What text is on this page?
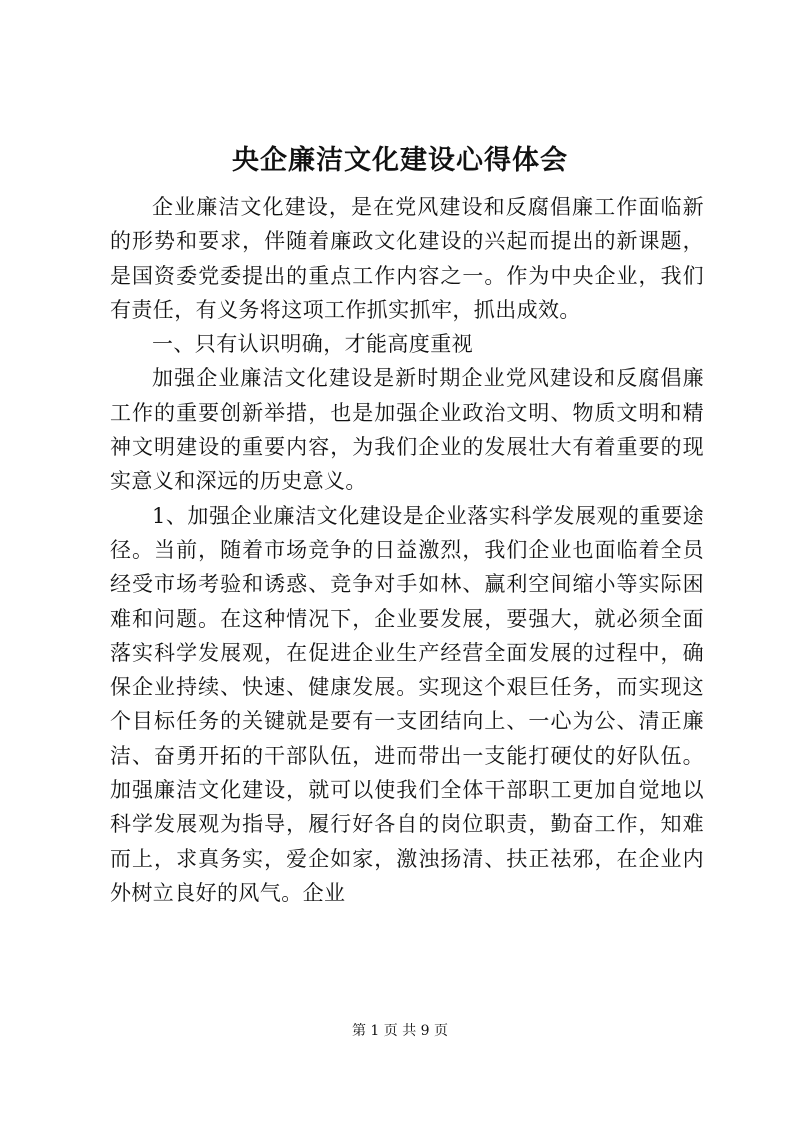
央企廉洁文化建设心得体会

企业廉洁文化建设，是在党风建设和反腐倡廉工作面临新的形势和要求，伴随着廉政文化建设的兴起而提出的新课题，是国资委党委提出的重点工作内容之一。作为中央企业，我们有责任，有义务将这项工作抓实抓牢，抓出成效。

一、只有认识明确，才能高度重视

加强企业廉洁文化建设是新时期企业党风建设和反腐倡廉工作的重要创新举措，也是加强企业政治文明、物质文明和精神文明建设的重要内容，为我们企业的发展壮大有着重要的现实意义和深远的历史意义。

1、加强企业廉洁文化建设是企业落实科学发展观的重要途径。当前，随着市场竞争的日益激烈，我们企业也面临着全员经受市场考验和诱惑、竞争对手如林、赢利空间缩小等实际困难和问题。在这种情况下，企业要发展，要强大，就必须全面落实科学发展观，在促进企业生产经营全面发展的过程中，确保企业持续、快速、健康发展。实现这个艰巨任务，而实现这个目标任务的关键就是要有一支团结向上、一心为公、清正廉洁、奋勇开拓的干部队伍，进而带出一支能打硬仗的好队伍。加强廉洁文化建设，就可以使我们全体干部职工更加自觉地以科学发展观为指导，履行好各自的岗位职责，勤奋工作，知难而上，求真务实，爱企如家，激浊扬清、扶正祛邪，在企业内外树立良好的风气。企业

第 1 页 共 9 页
